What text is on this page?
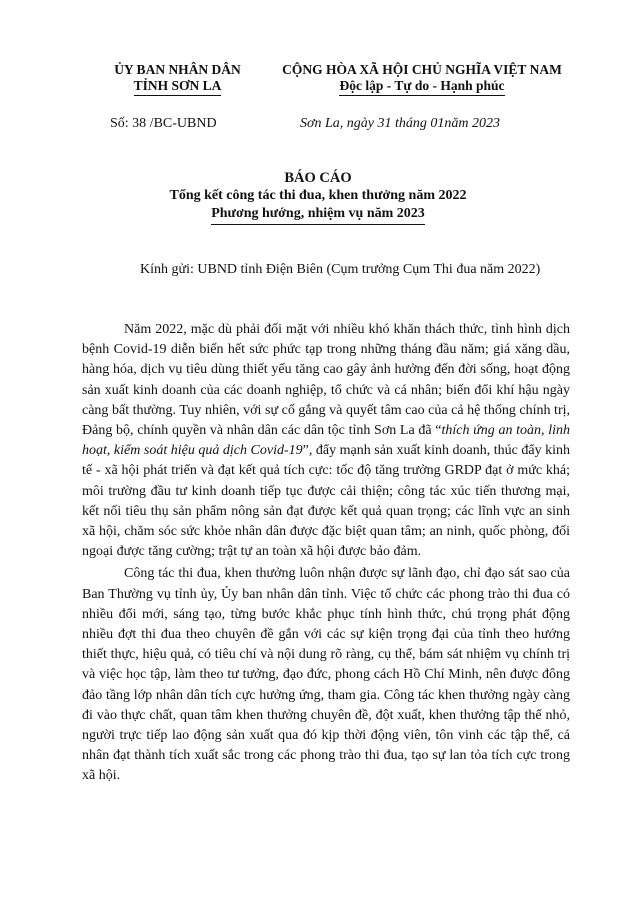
ỦY BAN NHÂN DÂN
TỈNH SƠN LA
CỘNG HÒA XÃ HỘI CHỦ NGHĨA VIỆT NAM
Độc lập - Tự do - Hạnh phúc
Số: 38 /BC-UBND	Sơn La, ngày 31 tháng 01năm 2023
BÁO CÁO
Tổng kết công tác thi đua, khen thưởng năm 2022
Phương hướng, nhiệm vụ năm 2023
Kính gửi: UBND tỉnh Điện Biên (Cụm trưởng Cụm Thi đua năm 2022)

Năm 2022, mặc dù phải đối mặt với nhiều khó khăn thách thức, tình hình dịch bệnh Covid-19 diễn biến hết sức phức tạp trong những tháng đầu năm; giá xăng dầu, hàng hóa, dịch vụ tiêu dùng thiết yếu tăng cao gây ảnh hưởng đến đời sống, hoạt động sản xuất kinh doanh của các doanh nghiệp, tổ chức và cá nhân; biến đổi khí hậu ngày càng bất thường. Tuy nhiên, với sự cố gắng và quyết tâm cao của cả hệ thống chính trị, Đảng bộ, chính quyền và nhân dân các dân tộc tỉnh Sơn La đã “thích ứng an toàn, linh hoạt, kiểm soát hiệu quả dịch Covid-19”, đẩy mạnh sản xuất kinh doanh, thúc đẩy kinh tế - xã hội phát triển và đạt kết quả tích cực: tốc độ tăng trưởng GRDP đạt ở mức khá; môi trường đầu tư kinh doanh tiếp tục được cải thiện; công tác xúc tiến thương mại, kết nối tiêu thụ sản phẩm nông sản đạt được kết quả quan trọng; các lĩnh vực an sinh xã hội, chăm sóc sức khỏe nhân dân được đặc biệt quan tâm; an ninh, quốc phòng, đối ngoại được tăng cường; trật tự an toàn xã hội được bảo đảm.

Công tác thi đua, khen thưởng luôn nhận được sự lãnh đạo, chỉ đạo sát sao của Ban Thường vụ tỉnh ủy, Ủy ban nhân dân tỉnh. Việc tổ chức các phong trào thi đua có nhiều đổi mới, sáng tạo, từng bước khắc phục tính hình thức, chú trọng phát động nhiều đợt thi đua theo chuyên đề gắn với các sự kiện trọng đại của tỉnh theo hướng thiết thực, hiệu quả, có tiêu chí và nội dung rõ ràng, cụ thể, bám sát nhiệm vụ chính trị và việc học tập, làm theo tư tưởng, đạo đức, phong cách Hồ Chí Minh, nên được đông đảo tầng lớp nhân dân tích cực hưởng ứng, tham gia. Công tác khen thưởng ngày càng đi vào thực chất, quan tâm khen thưởng chuyên đề, đột xuất, khen thưởng tập thể nhỏ, người trực tiếp lao động sản xuất qua đó kịp thời động viên, tôn vinh các tập thể, cá nhân đạt thành tích xuất sắc trong các phong trào thi đua, tạo sự lan tỏa tích cực trong xã hội.
